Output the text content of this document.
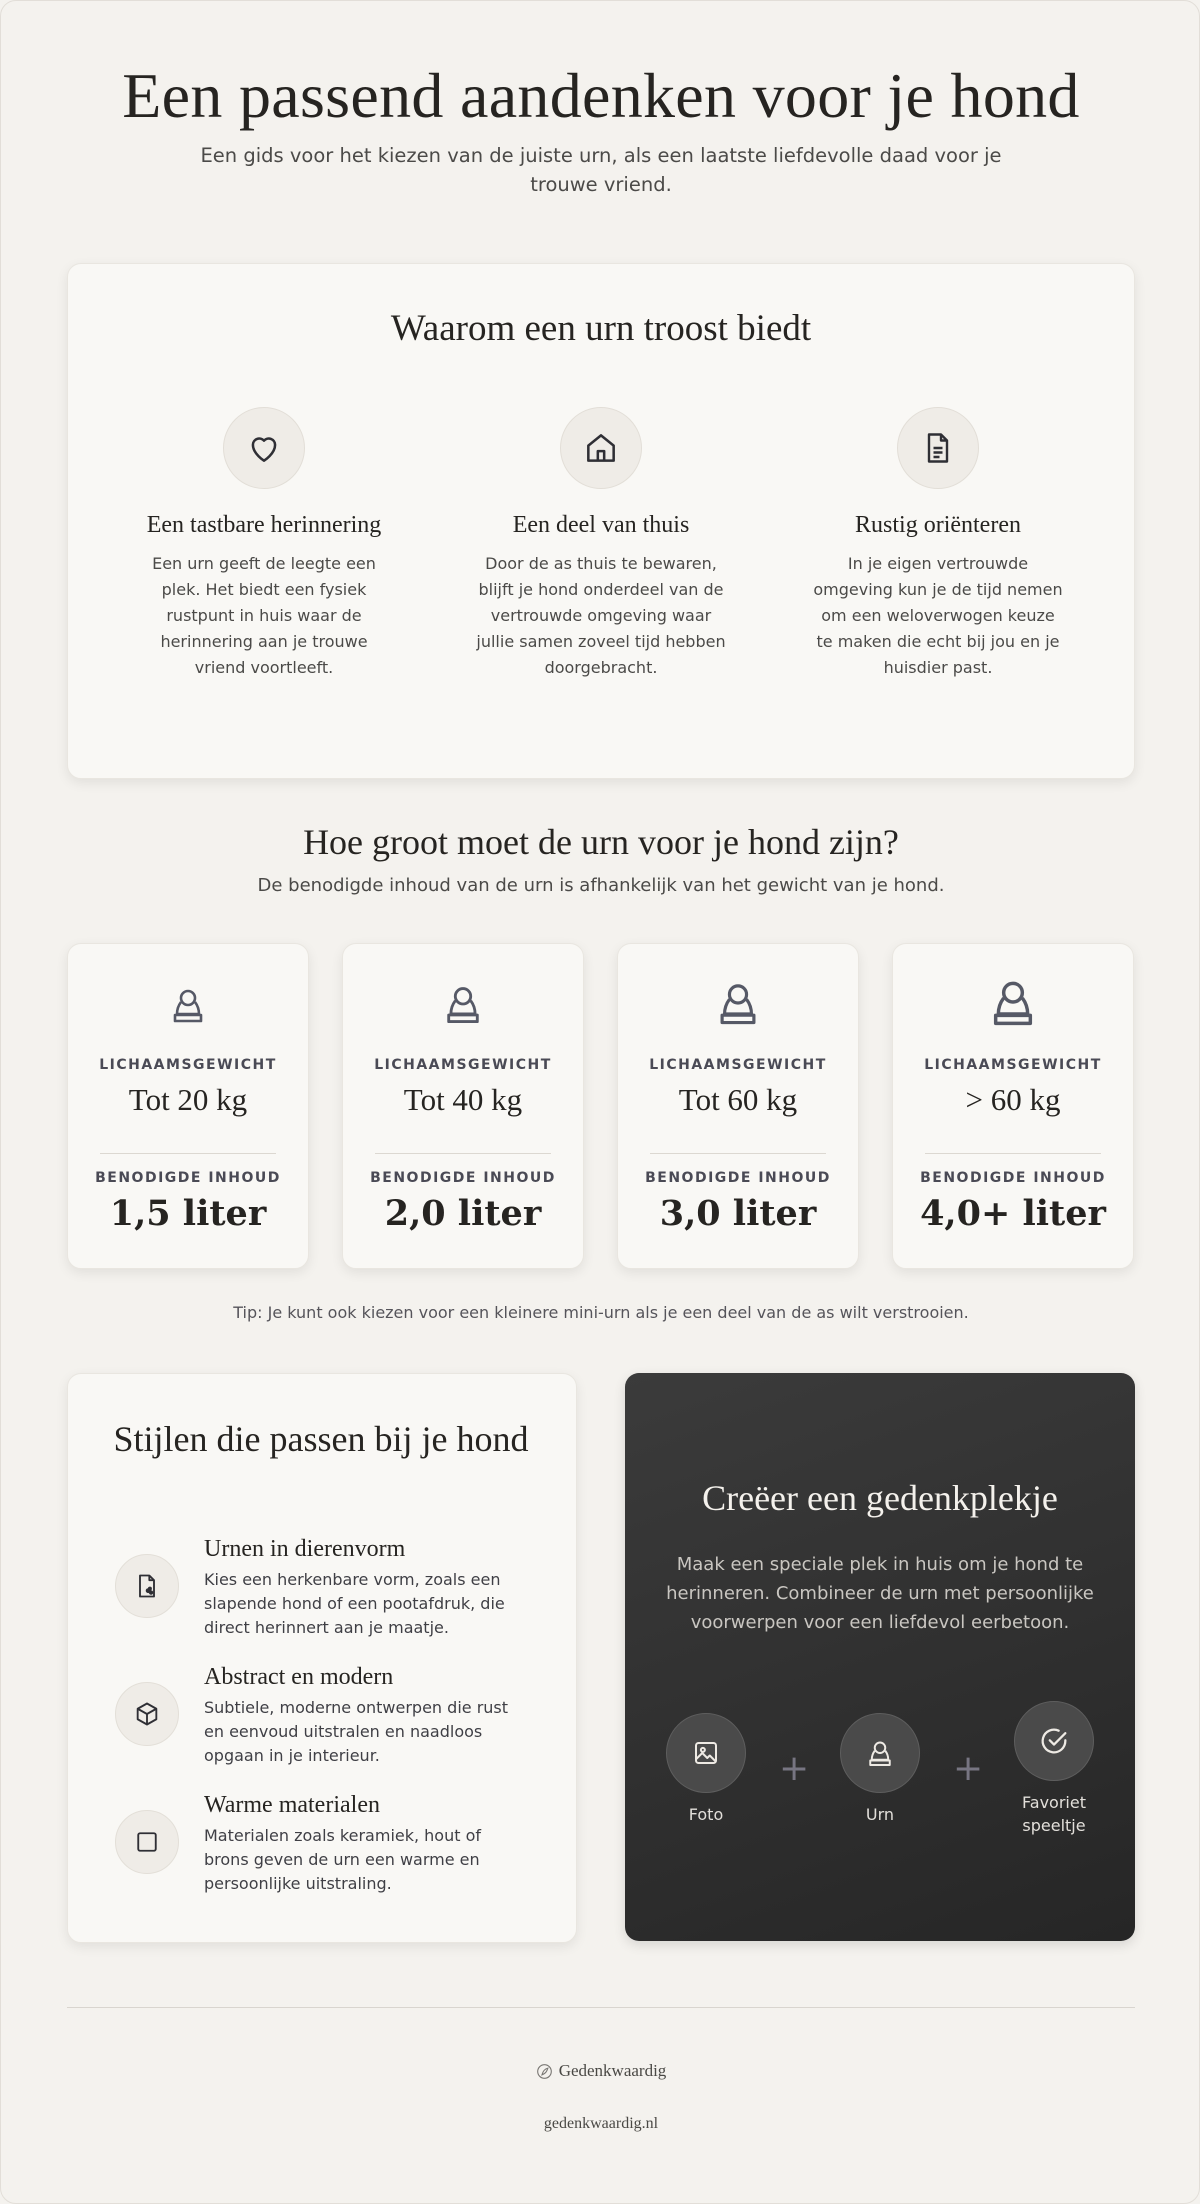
Een passend aandenken voor je hond
Een gids voor het kiezen van de juiste urn, als een laatste liefdevolle daad voor je trouwe vriend.
Waarom een urn troost biedt
Een tastbare herinnering

Een urn geeft de leegte een plek. Het biedt een fysiek rustpunt in huis waar de herinnering aan je trouwe vriend voortleeft.

Een deel van thuis

Door de as thuis te bewaren, blijft je hond onderdeel van de vertrouwde omgeving waar jullie samen zoveel tijd hebben doorgebracht.

Rustig oriënteren

In je eigen vertrouwde omgeving kun je de tijd nemen om een weloverwogen keuze te maken die echt bij jou en je huisdier past.

Hoe groot moet de urn voor je hond zijn?
De benodigde inhoud van de urn is afhankelijk van het gewicht van je hond.
LICHAAMSGEWICHT
Tot 20 kg
BENODIGDE INHOUD
1,5 liter
LICHAAMSGEWICHT
Tot 40 kg
BENODIGDE INHOUD
2,0 liter
LICHAAMSGEWICHT
Tot 60 kg
BENODIGDE INHOUD
3,0 liter
LICHAAMSGEWICHT
> 60 kg
BENODIGDE INHOUD
4,0+ liter
Tip: Je kunt ook kiezen voor een kleinere mini-urn als je een deel van de as wilt verstrooien.
Stijlen die passen bij je hond
Urnen in dierenvorm

Kies een herkenbare vorm, zoals een slapende hond of een pootafdruk, die direct herinnert aan je maatje.

Abstract en modern

Subtiele, moderne ontwerpen die rust en eenvoud uitstralen en naadloos opgaan in je interieur.

Warme materialen

Materialen zoals keramiek, hout of brons geven de urn een warme en persoonlijke uitstraling.

Creëer een gedenkplekje
Maak een speciale plek in huis om je hond te herinneren. Combineer de urn met persoonlijke voorwerpen voor een liefdevol eerbetoon.
Foto
+
Urn
+
Favoriet speeltje
Gedenkwaardig
gedenkwaardig.nl
